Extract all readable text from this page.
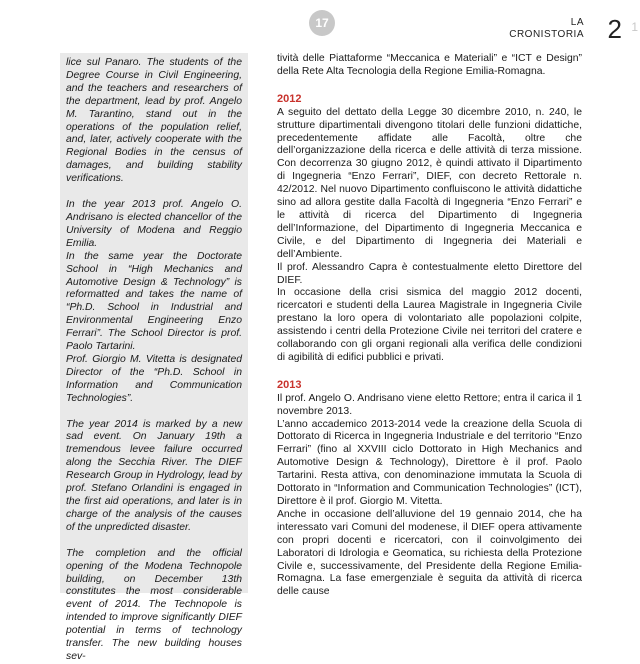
17	LA
CRONISTORIA 2 1

lice sul Panaro. The students of the Degree Course in Civil Engineering, and the teachers and researchers of the department, lead by prof. Angelo M. Tarantino, stand out in the operations of the population relief, and, later, actively cooperate with the Regional Bodies in the census of damages, and building stability verifications.

In the year 2013 prof. Angelo O. Andrisano is elected chancellor of the University of Modena and Reggio Emilia.

In the same year the Doctorate School in “High Mechanics and Automotive Design & Technology” is reformatted and takes the name of “Ph.D. School in Industrial and Environmental Engineering Enzo Ferrari”. The School Director is prof. Paolo Tartarini.

Prof. Giorgio M. Vitetta is designated Director of the “Ph.D. School in Information and Communication Technologies”.

The year 2014 is marked by a new sad event. On January 19th a tremendous levee failure occurred along the Secchia River. The DIEF Research Group in Hydrology, lead by prof. Stefano Orlandini is engaged in the first aid operations, and later is in charge of the analysis of the causes of the unpredicted disaster.

The completion and the official opening of the Modena Technopole building, on December 13th constitutes the most considerable event of 2014. The Technopole is intended to improve significantly DIEF potential in terms of technology transfer. The new building houses sev-

tività delle Piattaforme “Meccanica e Materiali” e “ICT e Design” della Rete Alta Tecnologia della Regione Emilia-Romagna.

2012

A seguito del dettato della Legge 30 dicembre 2010, n. 240, le strutture dipartimentali divengono titolari delle funzioni didattiche, precedentemente affidate alle Facoltà, oltre che dell’organizzazione della ricerca e delle attività di terza missione. Con decorrenza 30 giugno 2012, è quindi attivato il Dipartimento di Ingegneria “Enzo Ferrari”, DIEF, con decreto Rettorale n. 42/2012. Nel nuovo Dipartimento confluiscono le attività didattiche sino ad allora gestite dalla Facoltà di Ingegneria “Enzo Ferrari” e le attività di ricerca del Dipartimento di Ingegneria dell’Informazione, del Dipartimento di Ingegneria Meccanica e Civile, e del Dipartimento di Ingegneria dei Materiali e dell’Ambiente.

Il prof. Alessandro Capra è contestualmente eletto Direttore del DIEF.

In occasione della crisi sismica del maggio 2012 docenti, ricercatori e studenti della Laurea Magistrale in Ingegneria Civile prestano la loro opera di volontariato alle popolazioni colpite, assistendo i centri della Protezione Civile nei territori del cratere e collaborando con gli organi regionali alla verifica delle condizioni di agibilità di edifici pubblici e privati.

2013

Il prof. Angelo O. Andrisano viene eletto Rettore; entra il carica il 1 novembre 2013.

L’anno accademico 2013-2014 vede la creazione della Scuola di Dottorato di Ricerca in Ingegneria Industriale e del territorio “Enzo Ferrari” (fino al XXVIII ciclo Dottorato in High Mechanics and Automotive Design & Technology), Direttore è il prof. Paolo Tartarini. Resta attiva, con denominazione immutata la Scuola di Dottorato in “Information and Communication Technologies” (ICT), Direttore è il prof. Giorgio M. Vitetta.

Anche in occasione dell’alluvione del 19 gennaio 2014, che ha interessato vari Comuni del modenese, il DIEF opera attivamente con propri docenti e ricercatori, con il coinvolgimento dei Laboratori di Idrologia e Geomatica, su richiesta della Protezione Civile e, successivamente, del Presidente della Regione Emilia-Romagna. La fase emergenziale è seguita da attività di ricerca delle cause
